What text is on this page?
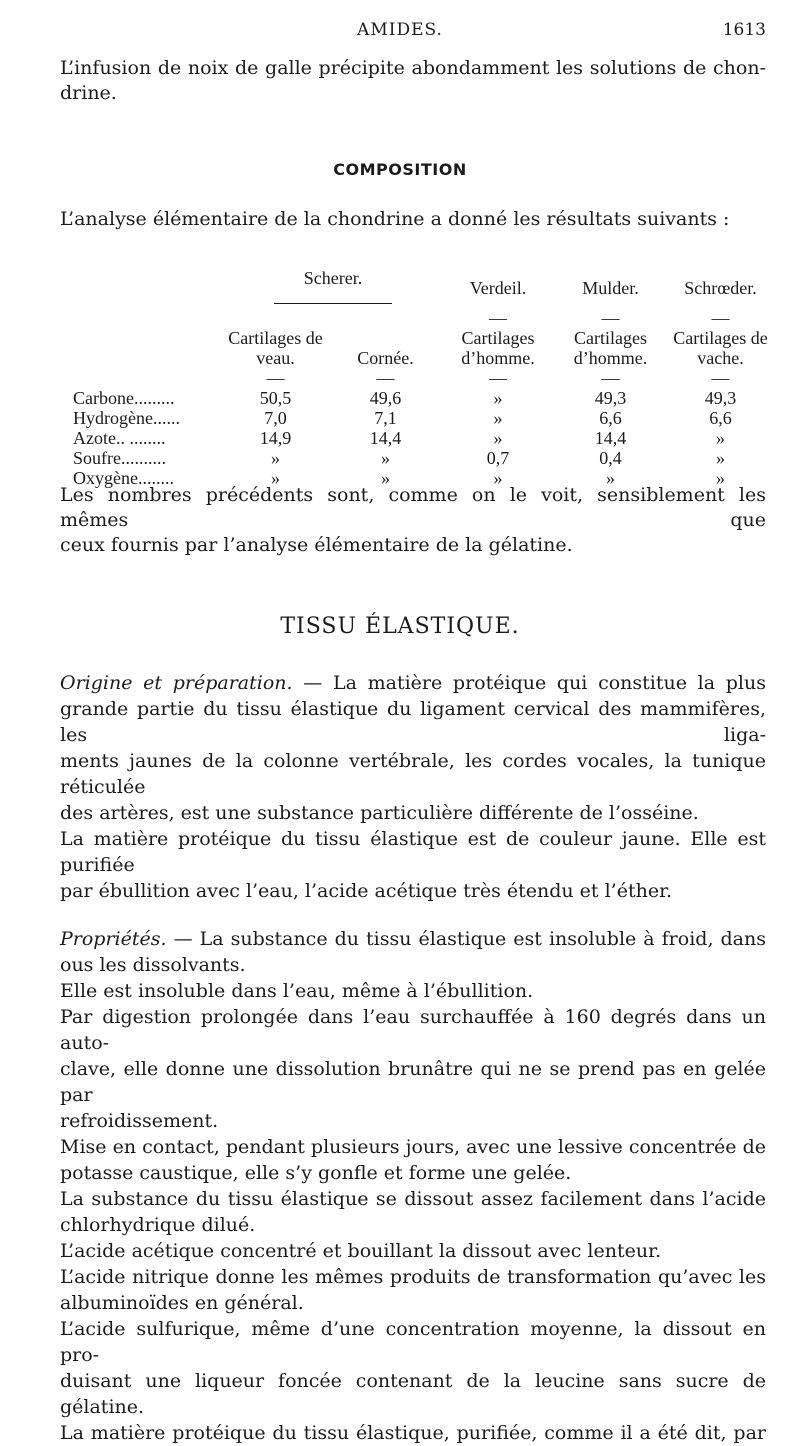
AMIDES.	1613

L’infusion de noix de galle précipite abondamment les solutions de chon-

drine.

COMPOSITION
L’analyse élémentaire de la chondrine a donné les résultats suivants :
	Scherer.		Verdeil.	Mulder.	Schrœder.
			—	—	—
	Cartilages de veau.	Cornée.	Cartilages d’homme.	Cartilages d’homme.	Cartilages de vache.
	—	—	—	—	—
Carbone.........	50,5	49,6	»	49,3	49,3
Hydrogène......	7,0	7,1	»	6,6	6,6
Azote.. ........	14,9	14,4	»	14,4	»
Soufre..........	»	»	0,7	0,4	»
Oxygène........	»	»	»	»	»

Les nombres précédents sont, comme on le voit, sensiblement les mêmes que

ceux fournis par l’analyse élémentaire de la gélatine.

TISSU ÉLASTIQUE.

Origine et préparation. — La matière protéique qui constitue la plus

grande partie du tissu élastique du ligament cervical des mammifères, les liga-

ments jaunes de la colonne vertébrale, les cordes vocales, la tunique réticulée

des artères, est une substance particulière différente de l’osséine.

La matière protéique du tissu élastique est de couleur jaune. Elle est purifiée

par ébullition avec l’eau, l’acide acétique très étendu et l’éther.

Propriétés. — La substance du tissu élastique est insoluble à froid, dans

ous les dissolvants.

Elle est insoluble dans l’eau, même à l’ébullition.

Par digestion prolongée dans l’eau surchauffée à 160 degrés dans un auto-

clave, elle donne une dissolution brunâtre qui ne se prend pas en gelée par

refroidissement.

Mise en contact, pendant plusieurs jours, avec une lessive concentrée de

potasse caustique, elle s’y gonfle et forme une gelée.

La substance du tissu élastique se dissout assez facilement dans l’acide

chlorhydrique dilué.

L’acide acétique concentré et bouillant la dissout avec lenteur.

L’acide nitrique donne les mêmes produits de transformation qu’avec les

albuminoïdes en général.

L’acide sulfurique, même d’une concentration moyenne, la dissout en pro-

duisant une liqueur foncée contenant de la leucine sans sucre de gélatine.

La matière protéique du tissu élastique, purifiée, comme il a été dit, par
